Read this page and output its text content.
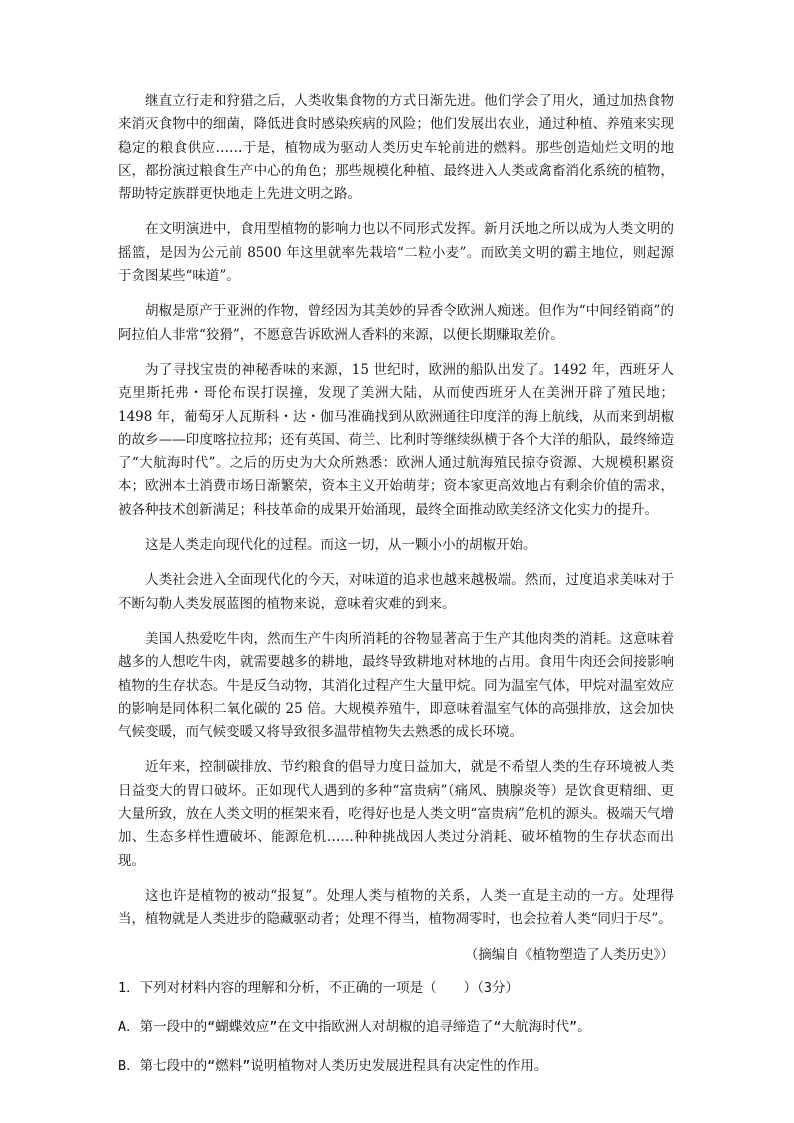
继直立行走和狩猎之后，人类收集食物的方式日渐先进。他们学会了用火，通过加热食物来消灭食物中的细菌，降低进食时感染疾病的风险；他们发展出农业，通过种植、养殖来实现稳定的粮食供应……于是，植物成为驱动人类历史车轮前进的燃料。那些创造灿烂文明的地区，都扮演过粮食生产中心的角色；那些规模化种植、最终进入人类或禽畜消化系统的植物，帮助特定族群更快地走上先进文明之路。

在文明演进中，食用型植物的影响力也以不同形式发挥。新月沃地之所以成为人类文明的摇篮，是因为公元前 8500 年这里就率先栽培“二粒小麦”。而欧美文明的霸主地位，则起源于贪图某些“味道”。

胡椒是原产于亚洲的作物，曾经因为其美妙的异香令欧洲人痴迷。但作为“中间经销商”的阿拉伯人非常“狡猾”，不愿意告诉欧洲人香料的来源，以便长期赚取差价。

为了寻找宝贵的神秘香味的来源，15 世纪时，欧洲的船队出发了。1492 年，西班牙人克里斯托弗・哥伦布误打误撞，发现了美洲大陆，从而使西班牙人在美洲开辟了殖民地；1498 年，葡萄牙人瓦斯科・达・伽马准确找到从欧洲通往印度洋的海上航线，从而来到胡椒的故乡——印度喀拉拉邦；还有英国、荷兰、比利时等继续纵横于各个大洋的船队，最终缔造了“大航海时代”。之后的历史为大众所熟悉：欧洲人通过航海殖民掠夺资源、大规模积累资本；欧洲本土消费市场日渐繁荣，资本主义开始萌芽；资本家更高效地占有剩余价值的需求，被各种技术创新满足；科技革命的成果开始涌现，最终全面推动欧美经济文化实力的提升。

这是人类走向现代化的过程。而这一切，从一颗小小的胡椒开始。

人类社会进入全面现代化的今天，对味道的追求也越来越极端。然而，过度追求美味对于不断勾勒人类发展蓝图的植物来说，意味着灾难的到来。

美国人热爱吃牛肉，然而生产牛肉所消耗的谷物显著高于生产其他肉类的消耗。这意味着越多的人想吃牛肉，就需要越多的耕地，最终导致耕地对林地的占用。食用牛肉还会间接影响植物的生存状态。牛是反刍动物，其消化过程产生大量甲烷。同为温室气体，甲烷对温室效应的影响是同体积二氧化碳的 25 倍。大规模养殖牛，即意味着温室气体的高强排放，这会加快气候变暖，而气候变暖又将导致很多温带植物失去熟悉的成长环境。

近年来，控制碳排放、节约粮食的倡导力度日益加大，就是不希望人类的生存环境被人类日益变大的胃口破坏。正如现代人遇到的多种“富贵病”（痛风、胰腺炎等）是饮食更精细、更大量所致，放在人类文明的框架来看，吃得好也是人类文明“富贵病”危机的源头。极端天气增加、生态多样性遭破坏、能源危机……种种挑战因人类过分消耗、破坏植物的生存状态而出现。

这也许是植物的被动“报复”。处理人类与植物的关系，人类一直是主动的一方。处理得当，植物就是人类进步的隐藏驱动者；处理不得当，植物凋零时，也会拉着人类“同归于尽”。

（摘编自《植物塑造了人类历史》）

1．下列对材料内容的理解和分析，不正确的一项是（　　）（3分）

A．第一段中的“蝴蝶效应”在文中指欧洲人对胡椒的追寻缔造了“大航海时代”。

B．第七段中的“燃料”说明植物对人类历史发展进程具有决定性的作用。
